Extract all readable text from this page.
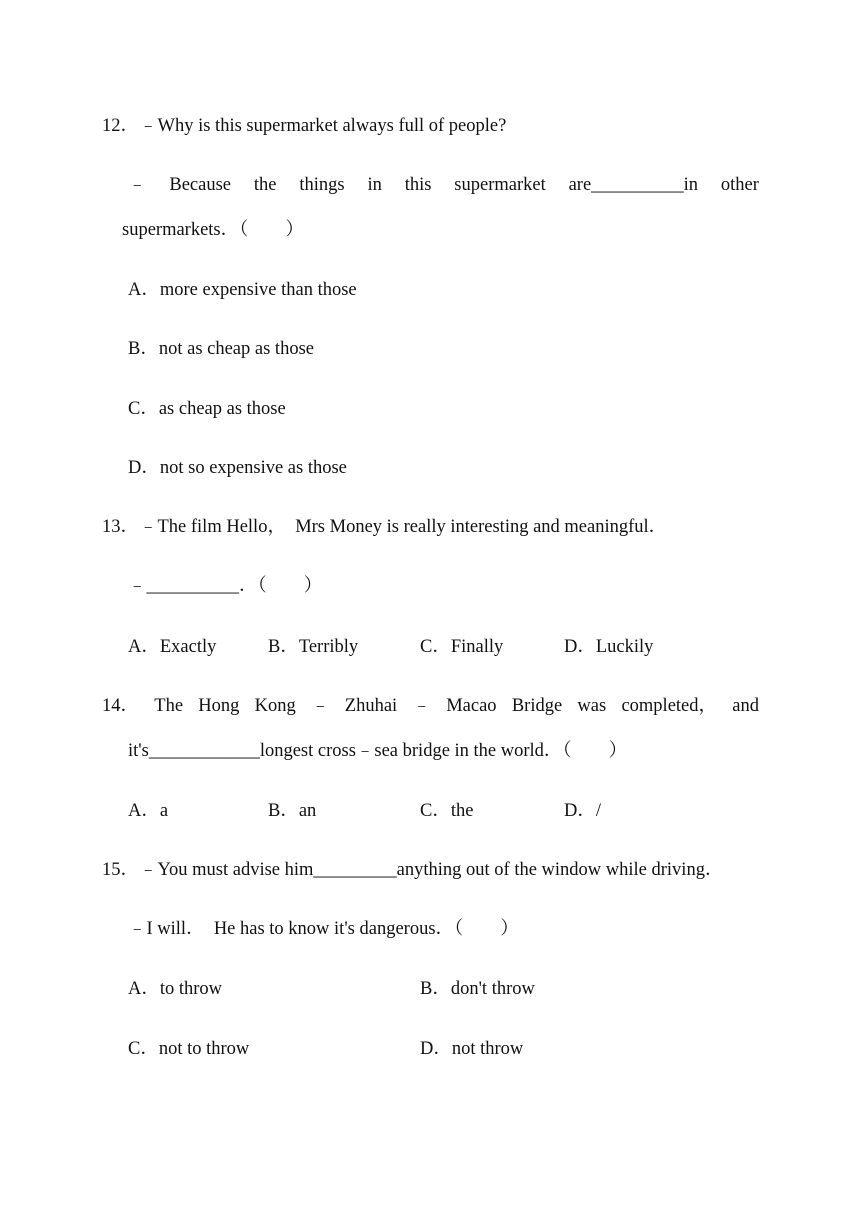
12．﹣Why is this supermarket always full of people?
﹣ Because the things in this supermarket are__________in other
supermarkets．（　　）
A．more expensive than those
B．not as cheap as those
C．as cheap as those
D．not so expensive as those
13．﹣The film Hello，  Mrs Money is really interesting and meaningful．
﹣__________．（　　）
A．Exactly	B．Terribly	C．Finally	D．Luckily
14． The Hong Kong ﹣ Zhuhai ﹣ Macao Bridge was completed， and
it's____________longest cross﹣sea bridge in the world．（　　）
A．a	B．an	C．the	D．/
15．﹣You must advise him_________anything out of the window while driving．
﹣I will．  He has to know it's dangerous．（　　）
A．to throw	B．don't throw
C．not to throw	D．not throw
